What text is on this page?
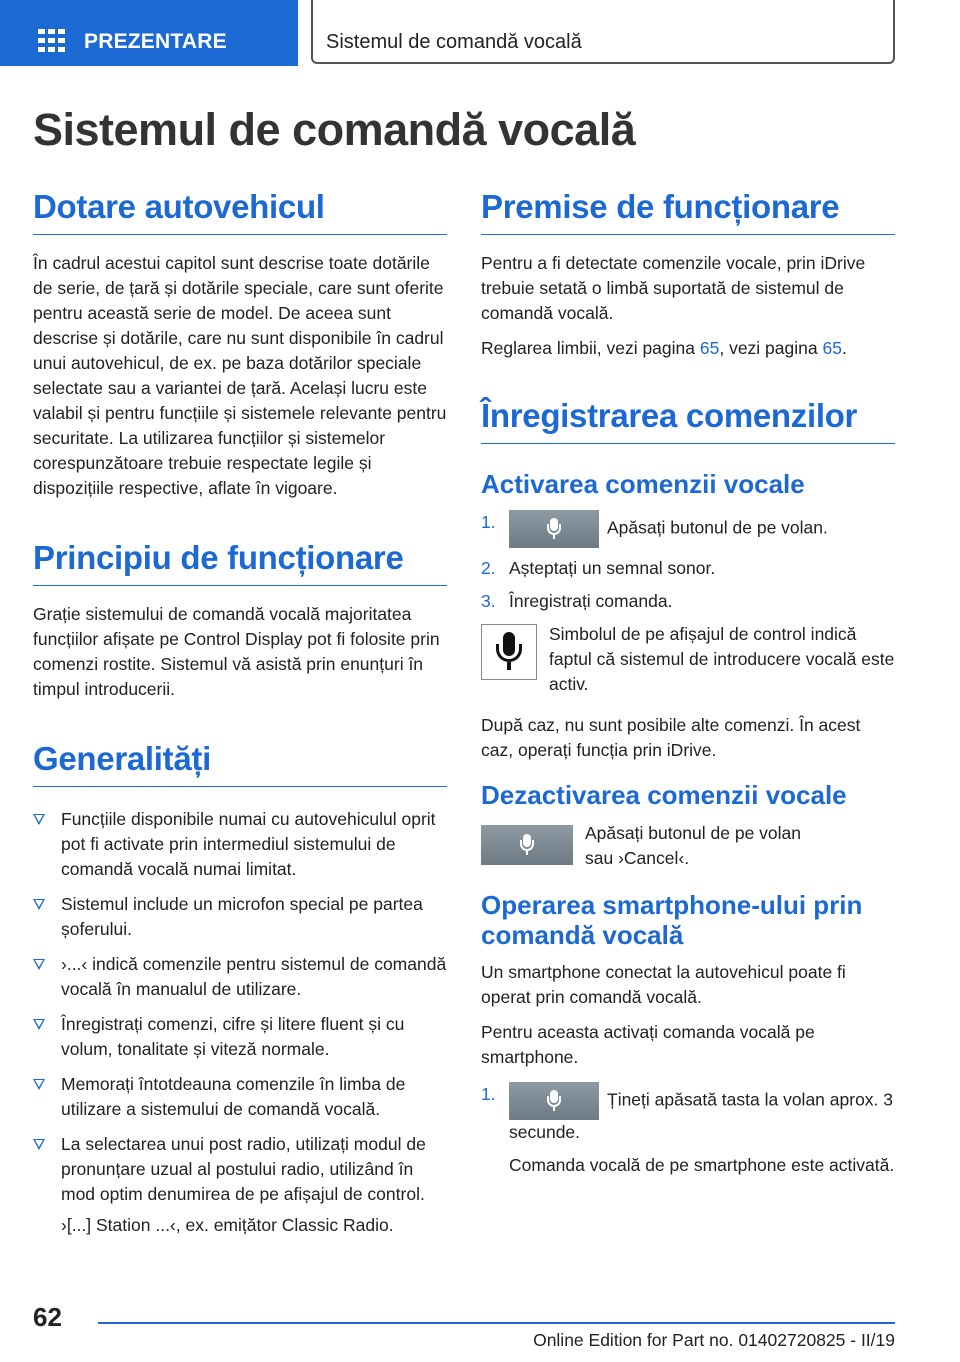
PREZENTARE	Sistemul de comandă vocală
Sistemul de comandă vocală
Dotare autovehicul

În cadrul acestui capitol sunt descrise toate dotările de serie, de țară și dotările speciale, care sunt oferite pentru această serie de model. De aceea sunt descrise și dotările, care nu sunt disponibile în cadrul unui autovehicul, de ex. pe baza dotărilor speciale selectate sau a variantei de țară. Același lucru este valabil și pentru funcțiile și sistemele relevante pentru securitate. La utilizarea funcțiilor și sistemelor corespunzătoare trebuie respectate legile și dispozițiile respective, aflate în vigoare.

Principiu de funcționare

Grație sistemului de comandă vocală majoritatea funcțiilor afișate pe Control Display pot fi folosite prin comenzi rostite. Sistemul vă asistă prin enunțuri în timpul introducerii.

Generalități
Funcțiile disponibile numai cu autovehiculul oprit pot fi activate prin intermediul sistemului de comandă vocală numai limitat.
Sistemul include un microfon special pe partea șoferului.
›...‹ indică comenzile pentru sistemul de comandă vocală în manualul de utilizare.
Înregistrați comenzi, cifre și litere fluent și cu volum, tonalitate și viteză normale.
Memorați întotdeauna comenzile în limba de utilizare a sistemului de comandă vocală.
La selectarea unui post radio, utilizați modul de pronunțare uzual al postului radio, utilizând în mod optim denumirea de pe afișajul de control.
›[...] Station ...‹, ex. emițător Classic Radio.
Premise de funcționare

Pentru a fi detectate comenzile vocale, prin iDrive trebuie setată o limbă suportată de sistemul de comandă vocală.

Reglarea limbii, vezi pagina 65, vezi pagina 65.

Înregistrarea comenzilor
Activarea comenzii vocale
1.	Apăsați butonul de pe volan.
2. Așteptați un semnal sonor.
3. Înregistrați comanda.

Simbolul de pe afișajul de control indică faptul că sistemul de introducere vocală este activ.

După caz, nu sunt posibile alte comenzi. În acest caz, operați funcția prin iDrive.

Dezactivarea comenzii vocale

Apăsați butonul de pe volan sau ›Cancel‹.

Operarea smartphone-ului prin comandă vocală

Un smartphone conectat la autovehicul poate fi operat prin comandă vocală.

Pentru aceasta activați comanda vocală pe smartphone.

1.	Țineți apăsată tasta la volan aprox. 3 secunde.

Comanda vocală de pe smartphone este activată.

62
Online Edition for Part no. 01402720825 - II/19
